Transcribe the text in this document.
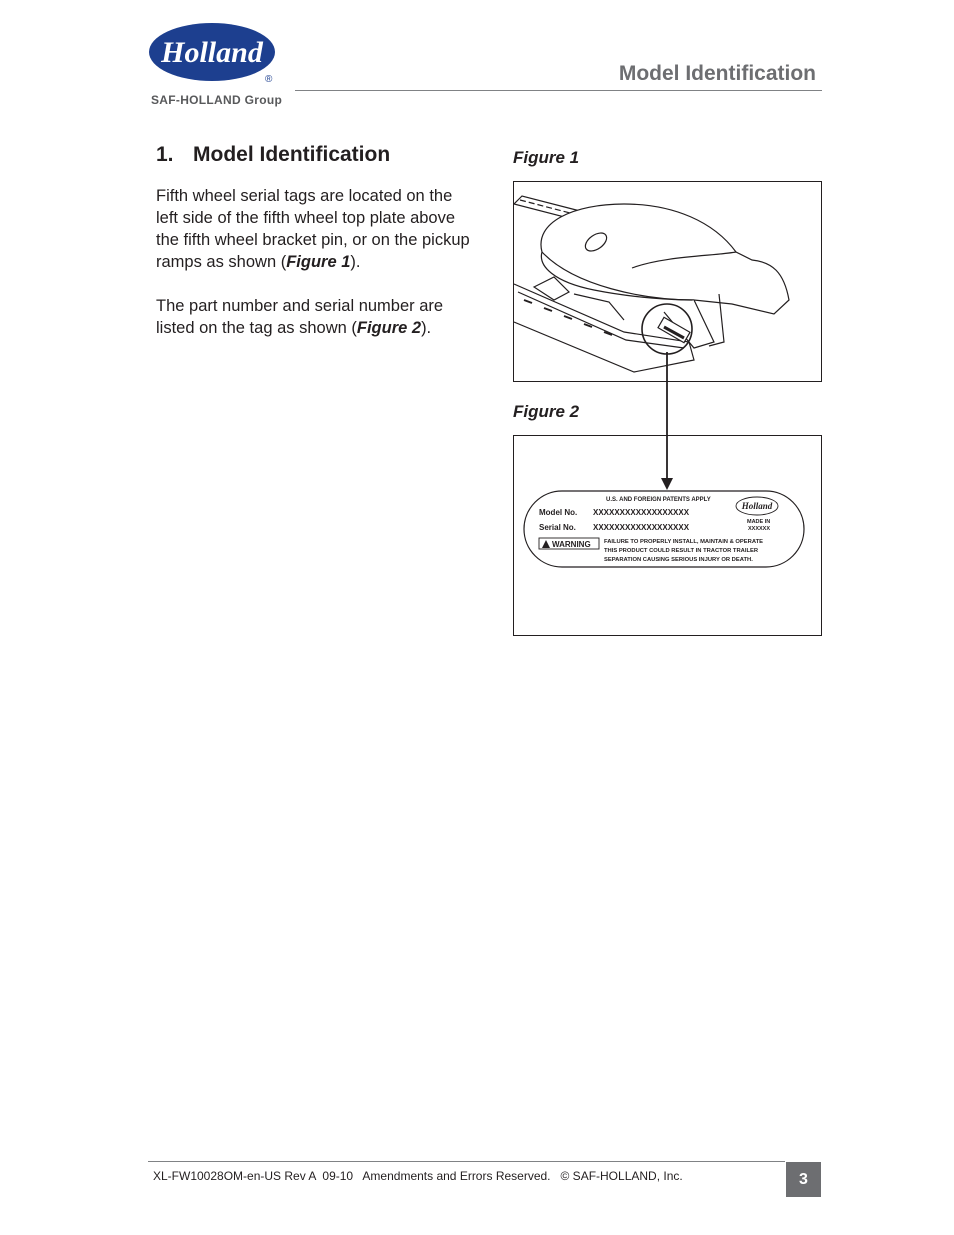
Holland
®
SAF-HOLLAND Group
Model Identification
1. Model Identification
Fifth wheel serial tags are located on the left side of the fifth wheel top plate above the fifth wheel bracket pin, or on the pickup ramps as shown (Figure 1).
The part number and serial number are listed on the tag as shown (Figure 2).
Figure 1
Figure 2
U.S. AND FOREIGN PATENTS APPLY
Model No. XXXXXXXXXXXXXXXXXX
Serial No. XXXXXXXXXXXXXXXXXX
WARNING FAILURE TO PROPERLY INSTALL, MAINTAIN & OPERATE
THIS PRODUCT COULD RESULT IN TRACTOR TRAILER
SEPARATION CAUSING SERIOUS INJURY OR DEATH.
Holland
MADE IN
XXXXXX
XL-FW10028OM-en-US Rev A  09-10   Amendments and Errors Reserved.   © SAF-HOLLAND, Inc.	3
